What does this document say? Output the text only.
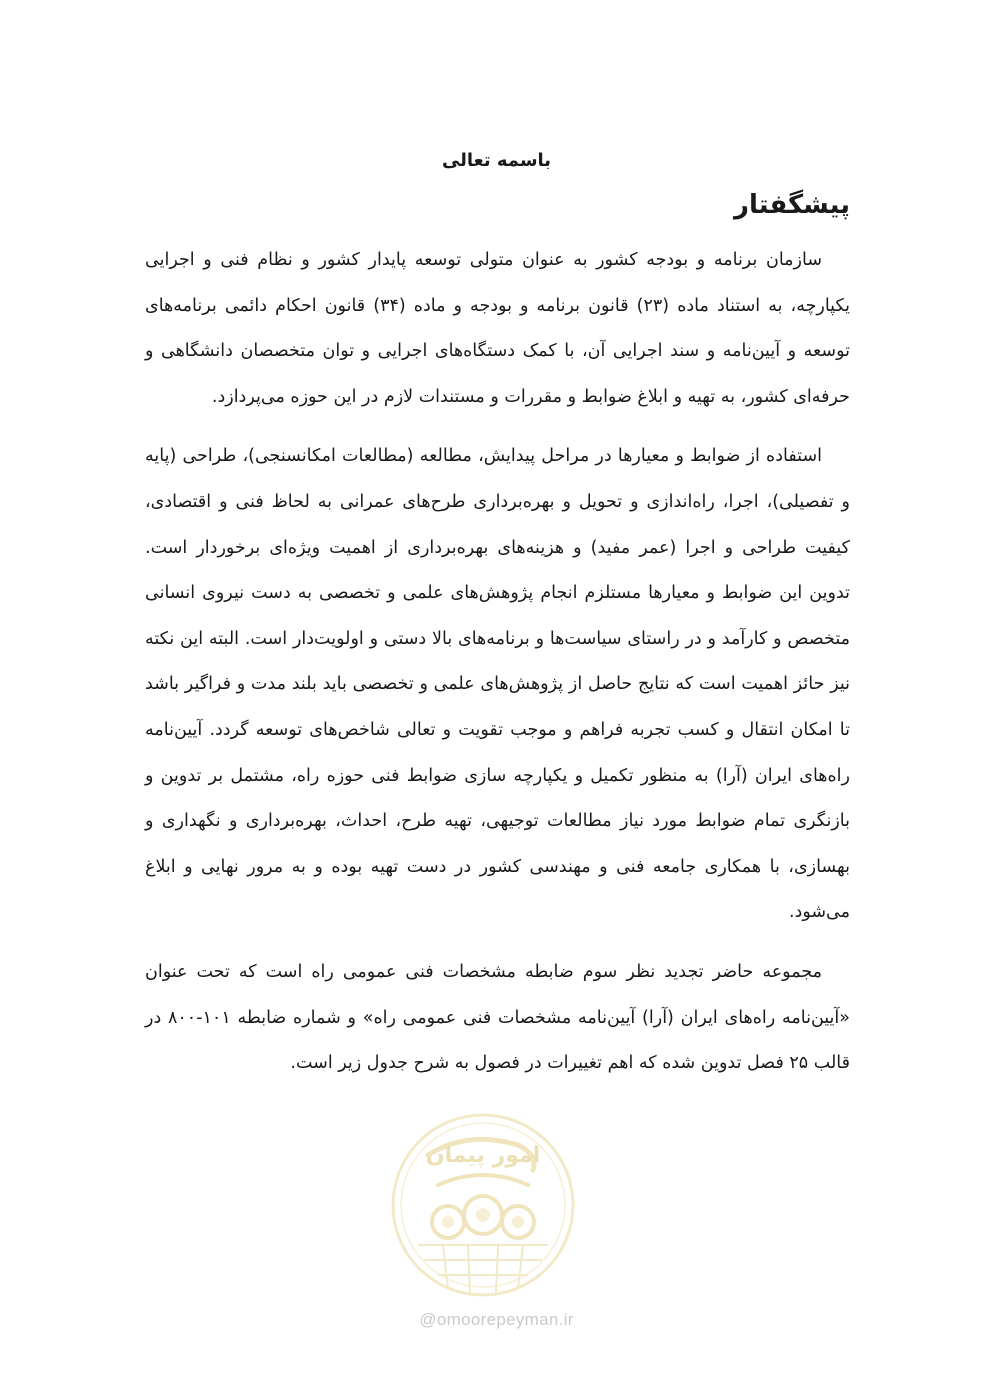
باسمه تعالی
پیشگفتار

سازمان برنامه و بودجه کشور به عنوان متولی توسعه پایدار کشور و نظام فنی و اجرایی یکپارچه، به استناد ماده (۲۳) قانون برنامه و بودجه و ماده (۳۴) قانون احکام دائمی برنامه‌های توسعه و آیین‌نامه و سند اجرایی آن، با کمک دستگاه‌های اجرایی و توان متخصصان دانشگاهی و حرفه‌ای کشور، به تهیه و ابلاغ ضوابط و مقررات و مستندات لازم در این حوزه می‌پردازد.

استفاده از ضوابط و معیارها در مراحل پیدایش، مطالعه (مطالعات امکانسنجی)، طراحی (پایه و تفصیلی)، اجرا، راه‌اندازی و تحویل و بهره‌برداری طرح‌های عمرانی به لحاظ فنی و اقتصادی، کیفیت طراحی و اجرا (عمر مفید) و هزینه‌های بهره‌برداری از اهمیت ویژه‌ای برخوردار است. تدوین این ضوابط و معیارها مستلزم انجام پژوهش‌های علمی و تخصصی به دست نیروی انسانی متخصص و کارآمد و در راستای سیاست‌ها و برنامه‌های بالا دستی و اولویت‌دار است. البته این نکته نیز حائز اهمیت است که نتایج حاصل از پژوهش‌های علمی و تخصصی باید بلند مدت و فراگیر باشد تا امکان انتقال و کسب تجربه فراهم و موجب تقویت و تعالی شاخص‌های توسعه گردد. آیین‌نامه راه‌های ایران (آرا) به منظور تکمیل و یکپارچه سازی ضوابط فنی حوزه راه، مشتمل بر تدوین و بازنگری تمام ضوابط مورد نیاز مطالعات توجیهی، تهیه طرح، احداث، بهره‌برداری و نگهداری و بهسازی، با همکاری جامعه فنی و مهندسی کشور در دست تهیه بوده و به مرور نهایی و ابلاغ می‌شود.

مجموعه حاضر تجدید نظر سوم ضابطه مشخصات فنی عمومی راه است که تحت عنوان «آیین‌نامه راه‌های ایران (آرا) آیین‌نامه مشخصات فنی عمومی راه» و شماره ضابطه ۱۰۱-۸۰۰ در قالب ۲۵ فصل تدوین شده که اهم تغییرات در فصول به شرح جدول زیر است.

امور پیمان
@omoorepeyman.ir
